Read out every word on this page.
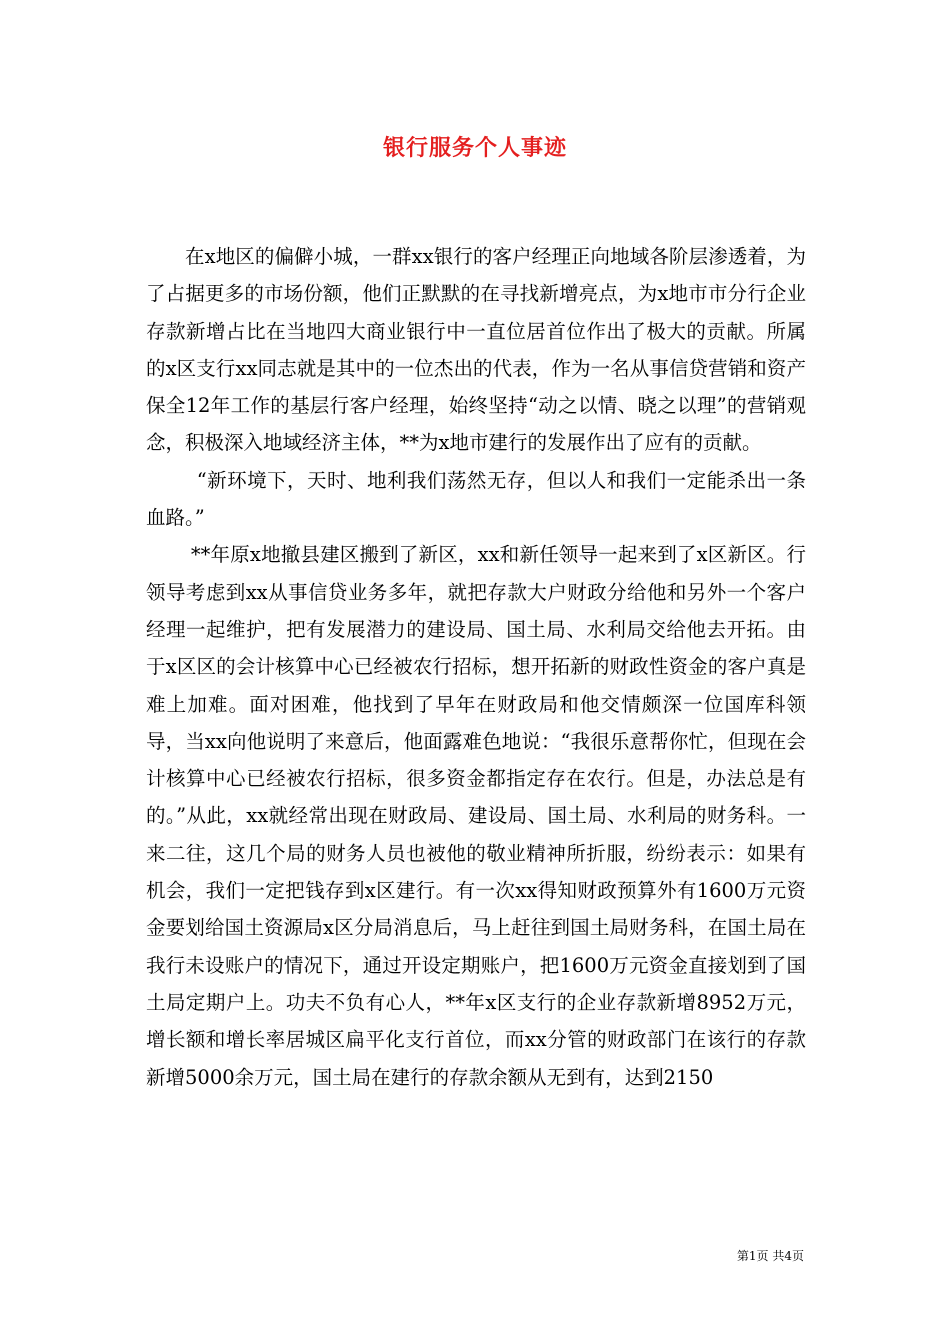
银行服务个人事迹

在x地区的偏僻小城，一群xx银行的客户经理正向地域各阶层渗透着，为了占据更多的市场份额，他们正默默的在寻找新增亮点，为x地市市分行企业存款新增占比在当地四大商业银行中一直位居首位作出了极大的贡献。所属的x区支行xx同志就是其中的一位杰出的代表，作为一名从事信贷营销和资产保全12年工作的基层行客户经理，始终坚持“动之以情、晓之以理”的营销观念，积极深入地域经济主体，**为x地市建行的发展作出了应有的贡献。

“新环境下，天时、地利我们荡然无存，但以人和我们一定能杀出一条血路。”

**年原x地撤县建区搬到了新区，xx和新任领导一起来到了x区新区。行领导考虑到xx从事信贷业务多年，就把存款大户财政分给他和另外一个客户经理一起维护，把有发展潜力的建设局、国土局、水利局交给他去开拓。由于x区区的会计核算中心已经被农行招标，想开拓新的财政性资金的客户真是难上加难。面对困难，他找到了早年在财政局和他交情颇深一位国库科领导，当xx向他说明了来意后，他面露难色地说：“我很乐意帮你忙，但现在会计核算中心已经被农行招标，很多资金都指定存在农行。但是，办法总是有的。”从此，xx就经常出现在财政局、建设局、国土局、水利局的财务科。一来二往，这几个局的财务人员也被他的敬业精神所折服，纷纷表示：如果有机会，我们一定把钱存到x区建行。有一次xx得知财政预算外有1600万元资金要划给国土资源局x区分局消息后，马上赶往到国土局财务科，在国土局在我行未设账户的情况下，通过开设定期账户，把1600万元资金直接划到了国土局定期户上。功夫不负有心人，**年x区支行的企业存款新增8952万元，增长额和增长率居城区扁平化支行首位，而xx分管的财政部门在该行的存款新增5000余万元，国土局在建行的存款余额从无到有，达到2150

第1页 共4页
